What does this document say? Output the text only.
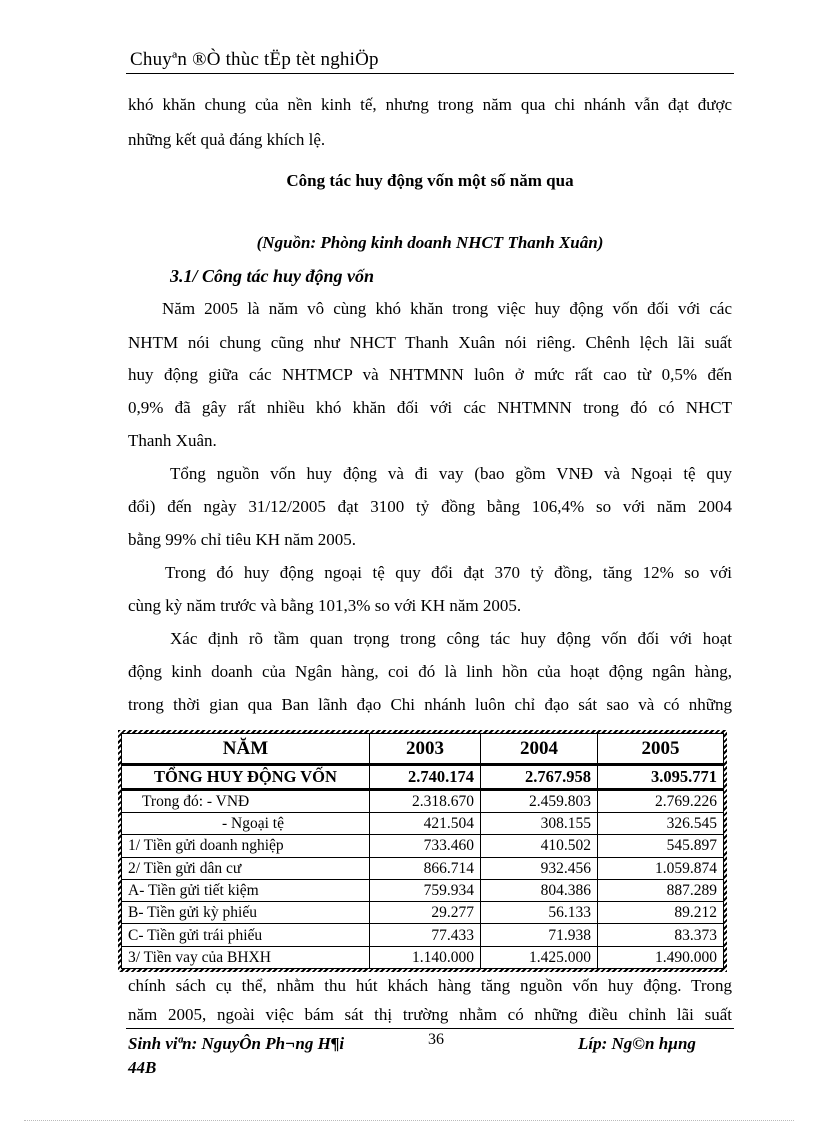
Chuyªn ®Ò thùc tËp tèt nghiÖp
khó khăn chung của nền kinh tế, nhưng trong năm qua chi nhánh vẫn đạt được
những kết quả đáng khích lệ.
Công tác huy động vốn một số năm qua
(Nguồn: Phòng kinh doanh NHCT Thanh Xuân)
3.1/ Công tác huy động vốn
Năm 2005 là năm vô cùng khó khăn trong việc huy động vốn đối với các
NHTM nói chung cũng như NHCT Thanh Xuân nói riêng. Chênh lệch lãi suất
huy động giữa các NHTMCP và NHTMNN luôn ở mức rất cao từ 0,5% đến
0,9% đã gây rất nhiều khó khăn đối với các NHTMNN trong đó có NHCT
Thanh Xuân.
Tổng nguồn vốn huy động và đi vay (bao gồm VNĐ và Ngoại tệ quy
đổi) đến ngày 31/12/2005 đạt 3100 tỷ đồng bằng 106,4% so với năm 2004
bằng 99% chỉ tiêu KH năm 2005.
Trong đó huy động ngoại tệ quy đổi đạt 370 tỷ đồng, tăng 12% so với
cùng kỳ năm trước và bằng 101,3% so với KH năm 2005.
Xác định rõ tầm quan trọng trong công tác huy động vốn đối với hoạt
động kinh doanh của Ngân hàng, coi đó là linh hồn của hoạt động ngân hàng,
trong thời gian qua Ban lãnh đạo Chi nhánh luôn chỉ đạo sát sao và có những
NĂM	2003	2004	2005
TỔNG HUY ĐỘNG VỐN	2.740.174	2.767.958	3.095.771
Trong đó: - VNĐ	2.318.670	2.459.803	2.769.226
- Ngoại tệ	421.504	308.155	326.545
1/ Tiền gửi doanh nghiệp	733.460	410.502	545.897
2/ Tiền gửi dân cư	866.714	932.456	1.059.874
A- Tiền gửi tiết kiệm	759.934	804.386	887.289
B- Tiền gửi kỳ phiếu	29.277	56.133	89.212
C- Tiền gửi trái phiếu	77.433	71.938	83.373
3/ Tiền vay của BHXH	1.140.000	1.425.000	1.490.000
chính sách cụ thể, nhằm thu hút khách hàng tăng nguồn vốn huy động. Trong
năm 2005, ngoài việc bám sát thị trường nhằm có những điều chỉnh lãi suất
Sinh viªn: NguyÔn Ph¬ng H¶i
44B
36	Líp: Ng©n hµng
